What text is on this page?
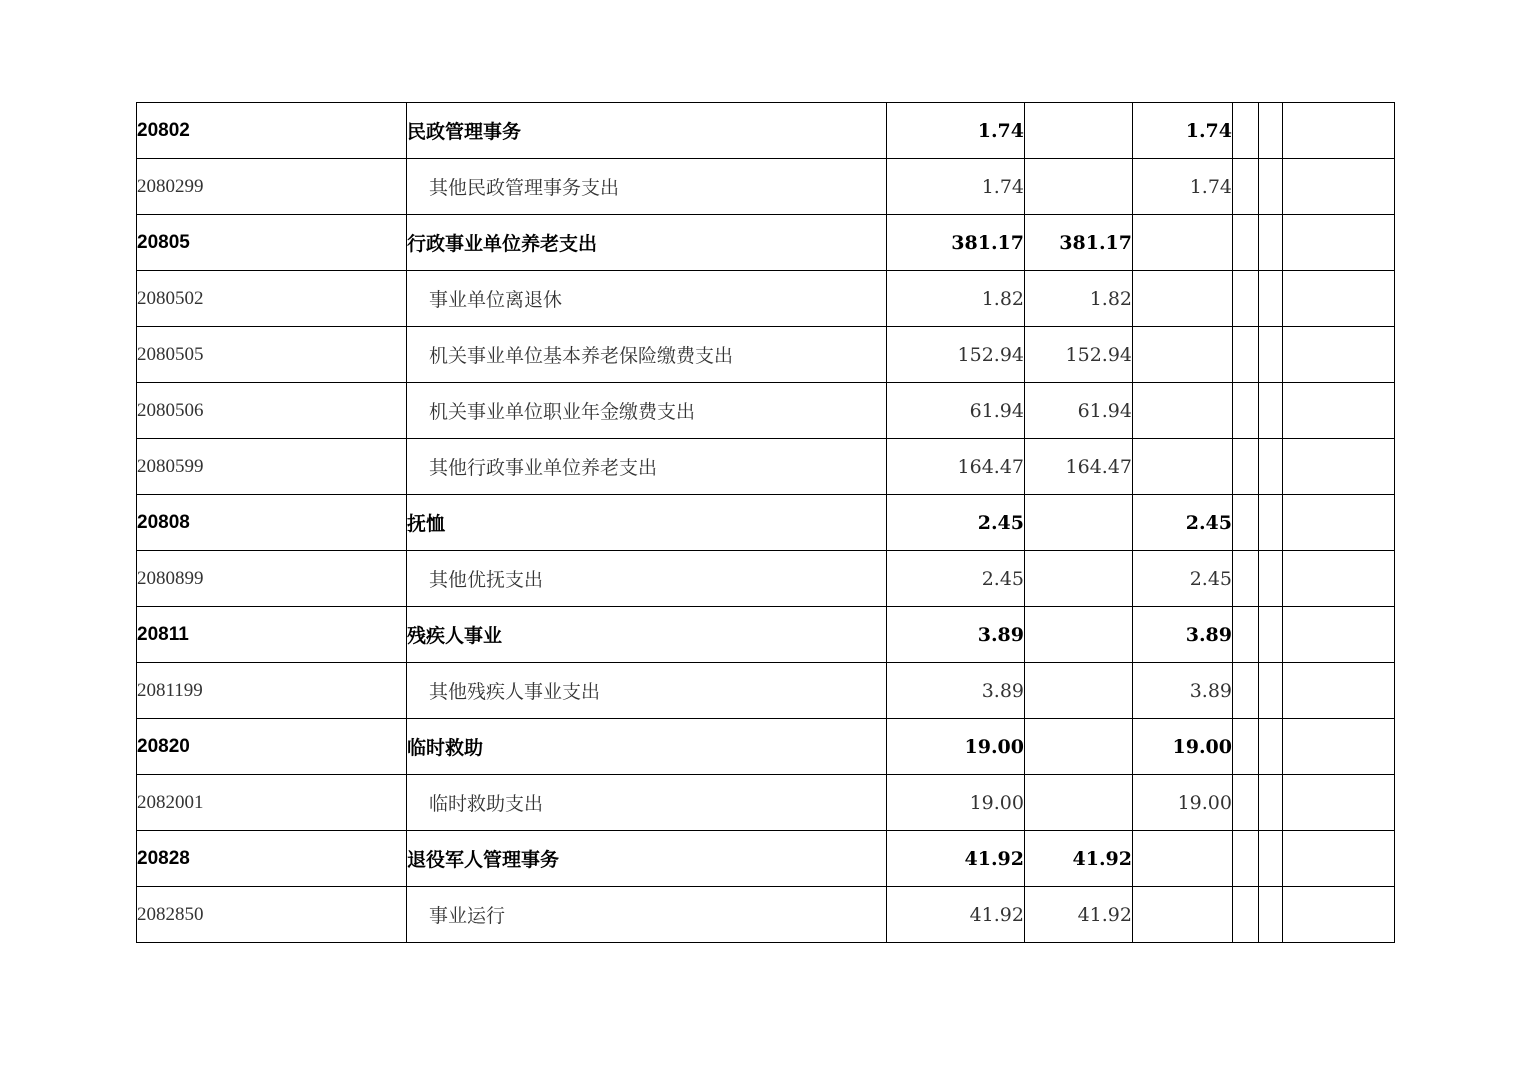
20802	民政管理事务	1.74		1.74			
2080299	其他民政管理事务支出	1.74		1.74			
20805	行政事业单位养老支出	381.17	381.17				
2080502	事业单位离退休	1.82	1.82				
2080505	机关事业单位基本养老保险缴费支出	152.94	152.94				
2080506	机关事业单位职业年金缴费支出	61.94	61.94				
2080599	其他行政事业单位养老支出	164.47	164.47				
20808	抚恤	2.45		2.45			
2080899	其他优抚支出	2.45		2.45			
20811	残疾人事业	3.89		3.89			
2081199	其他残疾人事业支出	3.89		3.89			
20820	临时救助	19.00		19.00			
2082001	临时救助支出	19.00		19.00			
20828	退役军人管理事务	41.92	41.92				
2082850	事业运行	41.92	41.92				
